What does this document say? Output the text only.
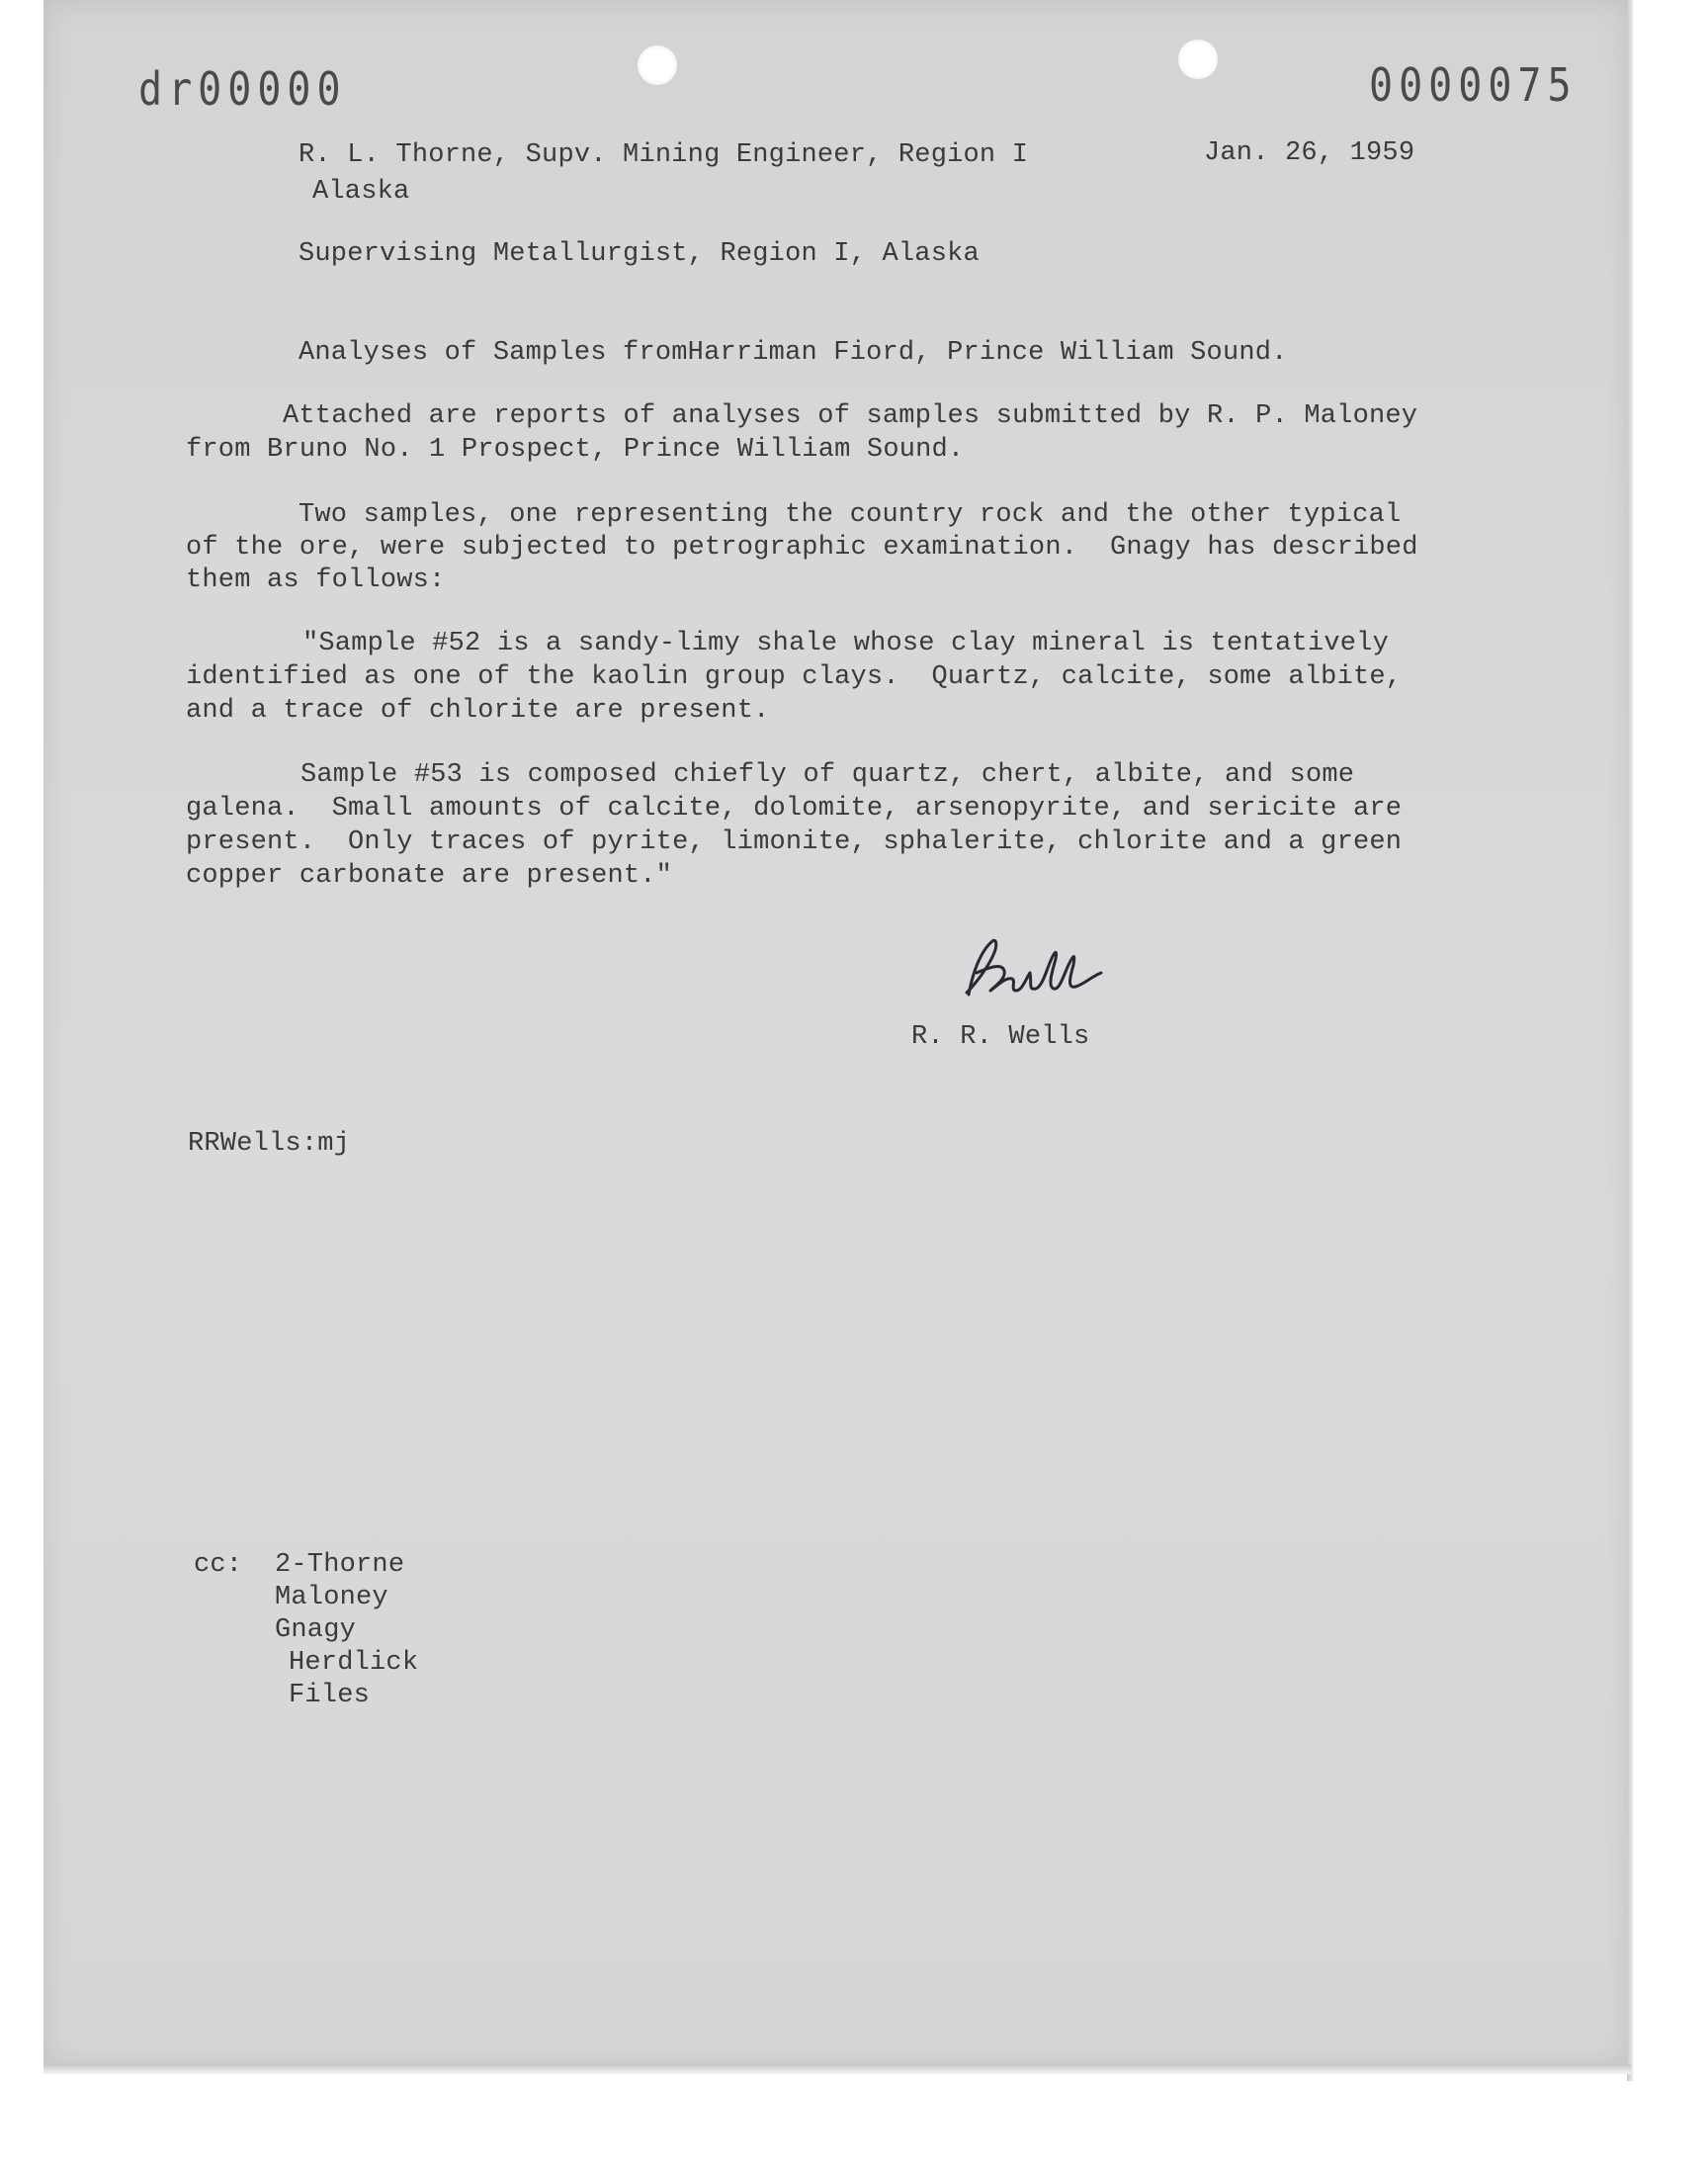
dr00000	0000075
R. L. Thorne, Supv. Mining Engineer, Region I
Alaska
Jan. 26, 1959
Supervising Metallurgist, Region I, Alaska
Analyses of Samples fromHarriman Fiord, Prince William Sound.
Attached are reports of analyses of samples submitted by R. P. Maloney
from Bruno No. 1 Prospect, Prince William Sound.
Two samples, one representing the country rock and the other typical
of the ore, were subjected to petrographic examination.  Gnagy has described
them as follows:
"Sample #52 is a sandy-limy shale whose clay mineral is tentatively
identified as one of the kaolin group clays.  Quartz, calcite, some albite,
and a trace of chlorite are present.
Sample #53 is composed chiefly of quartz, chert, albite, and some
galena.  Small amounts of calcite, dolomite, arsenopyrite, and sericite are
present.  Only traces of pyrite, limonite, sphalerite, chlorite and a green
copper carbonate are present."
R. R. Wells
RRWells:mj
cc: 2-Thorne
Maloney
Gnagy
Herdlick
Files
